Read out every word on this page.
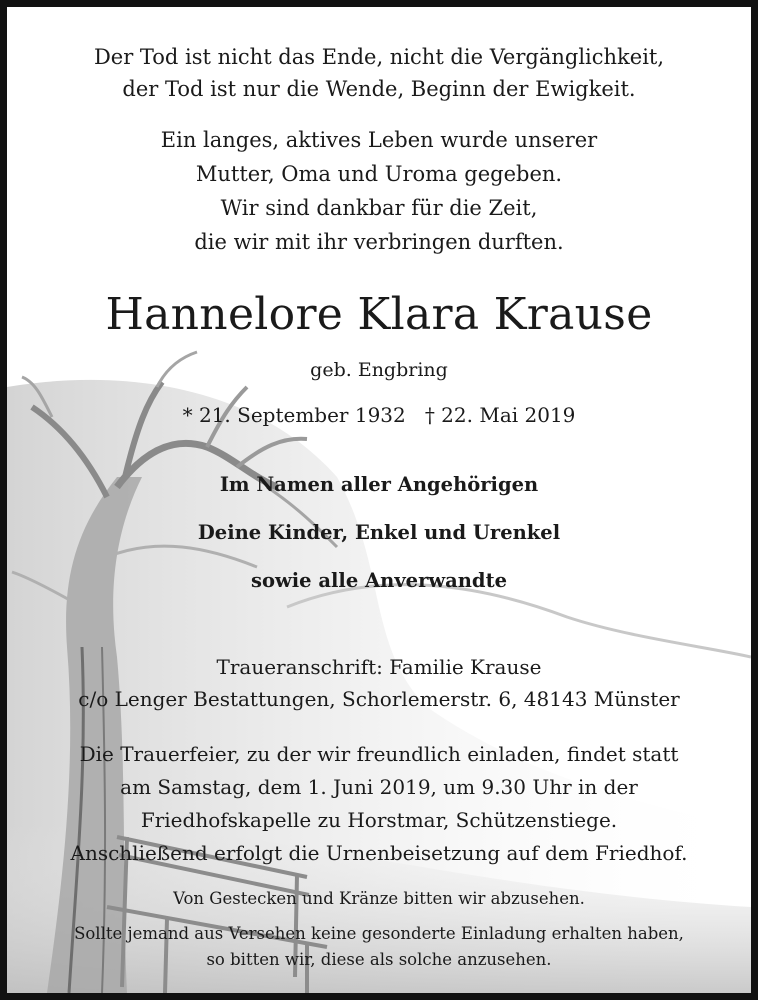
Der Tod ist nicht das Ende, nicht die Vergänglichkeit,
der Tod ist nur die Wende, Beginn der Ewigkeit.
Ein langes, aktives Leben wurde unserer
Mutter, Oma und Uroma gegeben.
Wir sind dankbar für die Zeit,
die wir mit ihr verbringen durften.
Hannelore Klara Krause
geb. Engbring
* 21. September 1932   † 22. Mai 2019
Im Namen aller Angehörigen
Deine Kinder, Enkel und Urenkel
sowie alle Anverwandte
Traueranschrift: Familie Krause
c/o Lenger Bestattungen, Schorlemerstr. 6, 48143 Münster
Die Trauerfeier, zu der wir freundlich einladen, findet statt
am Samstag, dem 1. Juni 2019, um 9.30 Uhr in der
Friedhofskapelle zu Horstmar, Schützenstiege.
Anschließend erfolgt die Urnenbeisetzung auf dem Friedhof.
Von Gestecken und Kränze bitten wir abzusehen.
Sollte jemand aus Versehen keine gesonderte Einladung erhalten haben,
so bitten wir, diese als solche anzusehen.
